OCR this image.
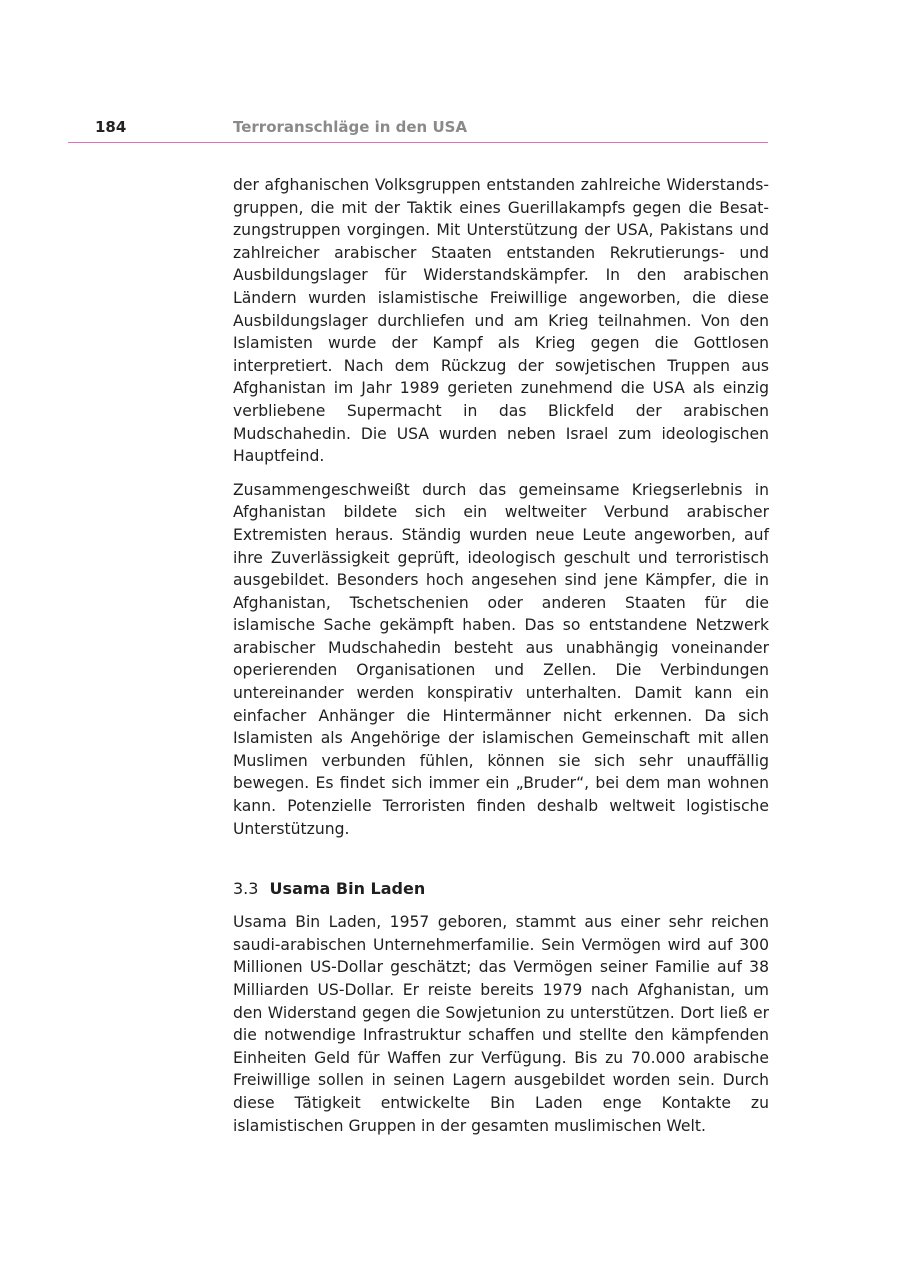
184	Terroranschläge in den USA

der afghanischen Volksgruppen entstanden zahlreiche Widerstandsgruppen, die mit der Taktik eines Guerillakampfs gegen die Besatzungstruppen vorgingen. Mit Unterstützung der USA, Pakistans und zahlreicher arabischer Staaten entstanden Rekrutierungs- und Ausbildungslager für Widerstandskämpfer. In den arabischen Ländern wurden islamistische Freiwillige angeworben, die diese Ausbildungslager durchliefen und am Krieg teilnahmen. Von den Islamisten wurde der Kampf als Krieg gegen die Gottlosen interpretiert. Nach dem Rückzug der sowjetischen Truppen aus Afghanistan im Jahr 1989 gerieten zunehmend die USA als einzig verbliebene Supermacht in das Blickfeld der arabischen Mudschahedin. Die USA wurden neben Israel zum ideologischen Hauptfeind.

Zusammengeschweißt durch das gemeinsame Kriegserlebnis in Afghanistan bildete sich ein weltweiter Verbund arabischer Extremisten heraus. Ständig wurden neue Leute angeworben, auf ihre Zuverlässigkeit geprüft, ideologisch geschult und terroristisch ausgebildet. Besonders hoch angesehen sind jene Kämpfer, die in Afghanistan, Tschetschenien oder anderen Staaten für die islamische Sache gekämpft haben. Das so entstandene Netzwerk arabischer Mudschahedin besteht aus unabhängig voneinander operierenden Organisationen und Zellen. Die Verbindungen untereinander werden konspirativ unterhalten. Damit kann ein einfacher Anhänger die Hintermänner nicht erkennen. Da sich Islamisten als Angehörige der islamischen Gemeinschaft mit allen Muslimen verbunden fühlen, können sie sich sehr unauffällig bewegen. Es findet sich immer ein „Bruder“, bei dem man wohnen kann. Potenzielle Terroristen finden deshalb weltweit logistische Unterstützung.

3.3 Usama Bin Laden

Usama Bin Laden, 1957 geboren, stammt aus einer sehr reichen saudi-arabischen Unternehmerfamilie. Sein Vermögen wird auf 300 Millionen US-Dollar geschätzt; das Vermögen seiner Familie auf 38 Milliarden US-Dollar. Er reiste bereits 1979 nach Afghanistan, um den Widerstand gegen die Sowjetunion zu unterstützen. Dort ließ er die notwendige Infrastruktur schaffen und stellte den kämpfenden Einheiten Geld für Waffen zur Verfügung. Bis zu 70.000 arabische Freiwillige sollen in seinen Lagern ausgebildet worden sein. Durch diese Tätigkeit entwickelte Bin Laden enge Kontakte zu islamistischen Gruppen in der gesamten muslimischen Welt.
